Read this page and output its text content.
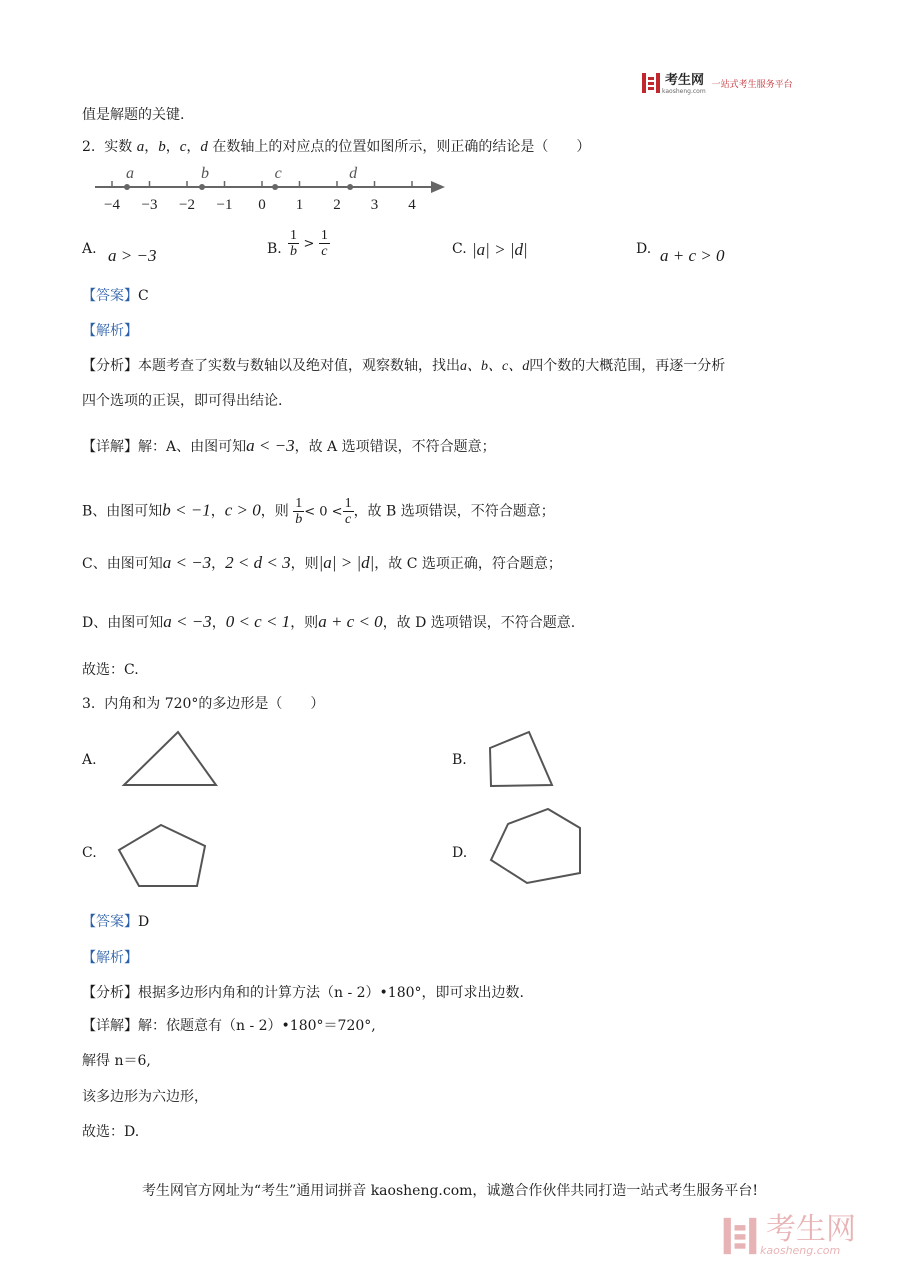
考生网
kaosheng.com
一站式考生服务平台
值是解题的关键.
2. 实数 a，b，c，d 在数轴上的对应点的位置如图所示，则正确的结论是（　　）
−4 −3 −2 −1 0 1 2 3 4
a	b	c	d
A. a > −3	B. $\frac{1}{b} > \frac{1}{c}$	C. |a| > |d|	D. a + c > 0
【答案】C
【解析】
【分析】本题考查了实数与数轴以及绝对值，观察数轴，找出a、b、c、d四个数的大概范围，再逐一分析
四个选项的正误，即可得出结论.
【详解】解：A、由图可知a < −3，故 A 选项错误，不符合题意；
B、由图可知b < −1，c > 0，则 $\frac{1}{b} < 0 < \frac{1}{c}$ ，故 B 选项错误，不符合题意；
C、由图可知a < −3，2 < d < 3，则|a| > |d|，故 C 选项正确，符合题意；
D、由图可知a < −3，0 < c < 1，则a + c < 0，故 D 选项错误，不符合题意.
故选：C.
3. 内角和为 720°的多边形是（　　）
A.	B.
C.	D.
【答案】D
【解析】
【分析】根据多边形内角和的计算方法（n - 2）•180°，即可求出边数.
【详解】解：依题意有（n - 2）•180°＝720°,
解得 n＝6,
该多边形为六边形，
故选：D.
考生网官方网址为“考生”通用词拼音 kaosheng.com，诚邀合作伙伴共同打造一站式考生服务平台!
考生网
kaosheng.com
